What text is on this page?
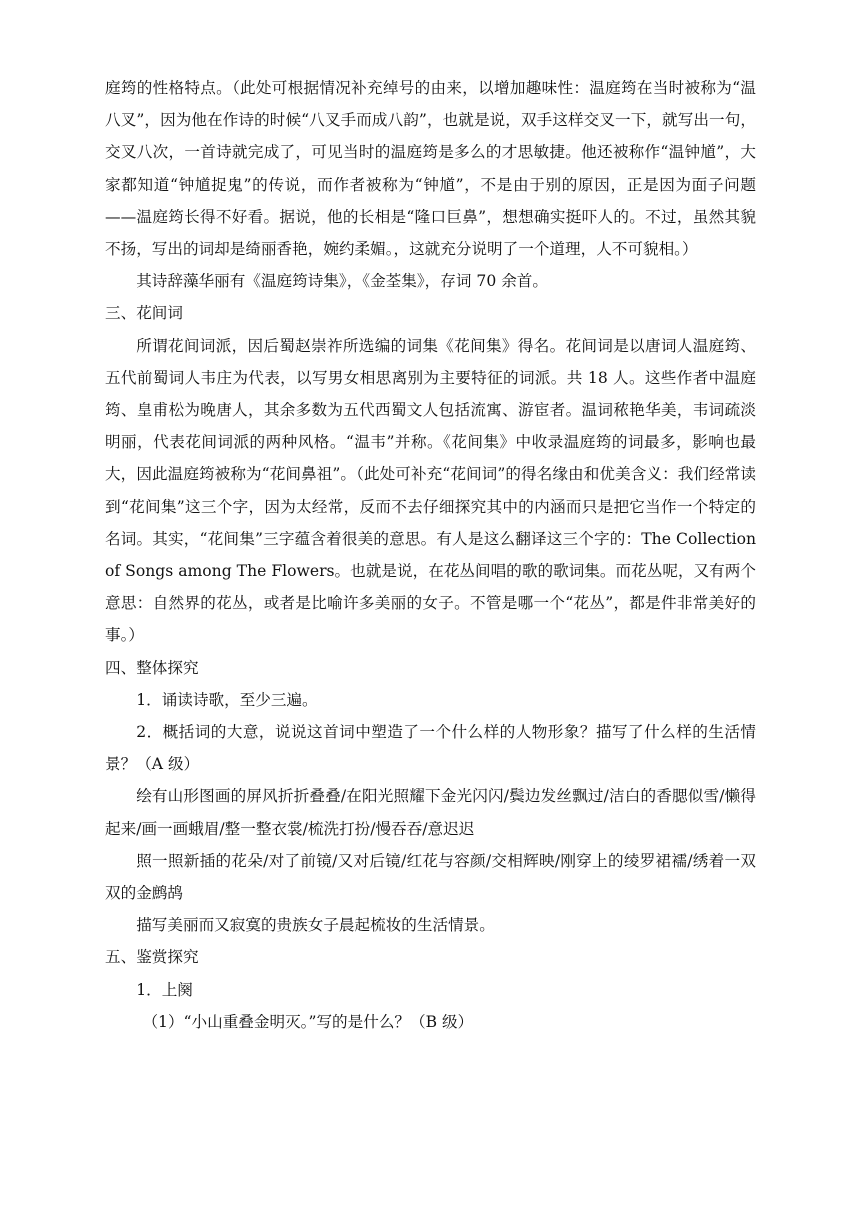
庭筠的性格特点。（此处可根据情况补充绰号的由来，以增加趣味性：温庭筠在当时被称为“温八叉”，因为他在作诗的时候“八叉手而成八韵”，也就是说，双手这样交叉一下，就写出一句，交叉八次，一首诗就完成了，可见当时的温庭筠是多么的才思敏捷。他还被称作“温钟馗”，大家都知道“钟馗捉鬼”的传说，而作者被称为“钟馗”，不是由于别的原因，正是因为面子问题——温庭筠长得不好看。据说，他的长相是“隆口巨鼻”，想想确实挺吓人的。不过，虽然其貌不扬，写出的词却是绮丽香艳，婉约柔媚。，这就充分说明了一个道理，人不可貌相。）

其诗辞藻华丽有《温庭筠诗集》，《金荃集》，存词 70 余首。

三、花间词

所谓花间词派，因后蜀赵崇祚所选编的词集《花间集》得名。花间词是以唐词人温庭筠、五代前蜀词人韦庄为代表，以写男女相思离别为主要特征的词派。共 18 人。这些作者中温庭筠、皇甫松为晚唐人，其余多数为五代西蜀文人包括流寓、游宦者。温词秾艳华美，韦词疏淡明丽，代表花间词派的两种风格。“温韦”并称。《花间集》中收录温庭筠的词最多，影响也最大，因此温庭筠被称为“花间鼻祖”。（此处可补充“花间词”的得名缘由和优美含义：我们经常读到“花间集”这三个字，因为太经常，反而不去仔细探究其中的内涵而只是把它当作一个特定的名词。其实，“花间集”三字蕴含着很美的意思。有人是这么翻译这三个字的：The Collection of Songs among The Flowers。也就是说，在花丛间唱的歌的歌词集。而花丛呢，又有两个意思：自然界的花丛，或者是比喻许多美丽的女子。不管是哪一个“花丛”，都是件非常美好的事。）

四、整体探究

1．诵读诗歌，至少三遍。

2．概括词的大意，说说这首词中塑造了一个什么样的人物形象？描写了什么样的生活情景？（A 级）

绘有山形图画的屏风折折叠叠/在阳光照耀下金光闪闪/鬓边发丝飘过/洁白的香腮似雪/懒得起来/画一画蛾眉/整一整衣裳/梳洗打扮/慢吞吞/意迟迟

照一照新插的花朵/对了前镜/又对后镜/红花与容颜/交相辉映/刚穿上的绫罗裙襦/绣着一双双的金鹧鸪

描写美丽而又寂寞的贵族女子晨起梳妆的生活情景。

五、鉴赏探究

1．上阕

（1）“小山重叠金明灭。”写的是什么？（B 级）
